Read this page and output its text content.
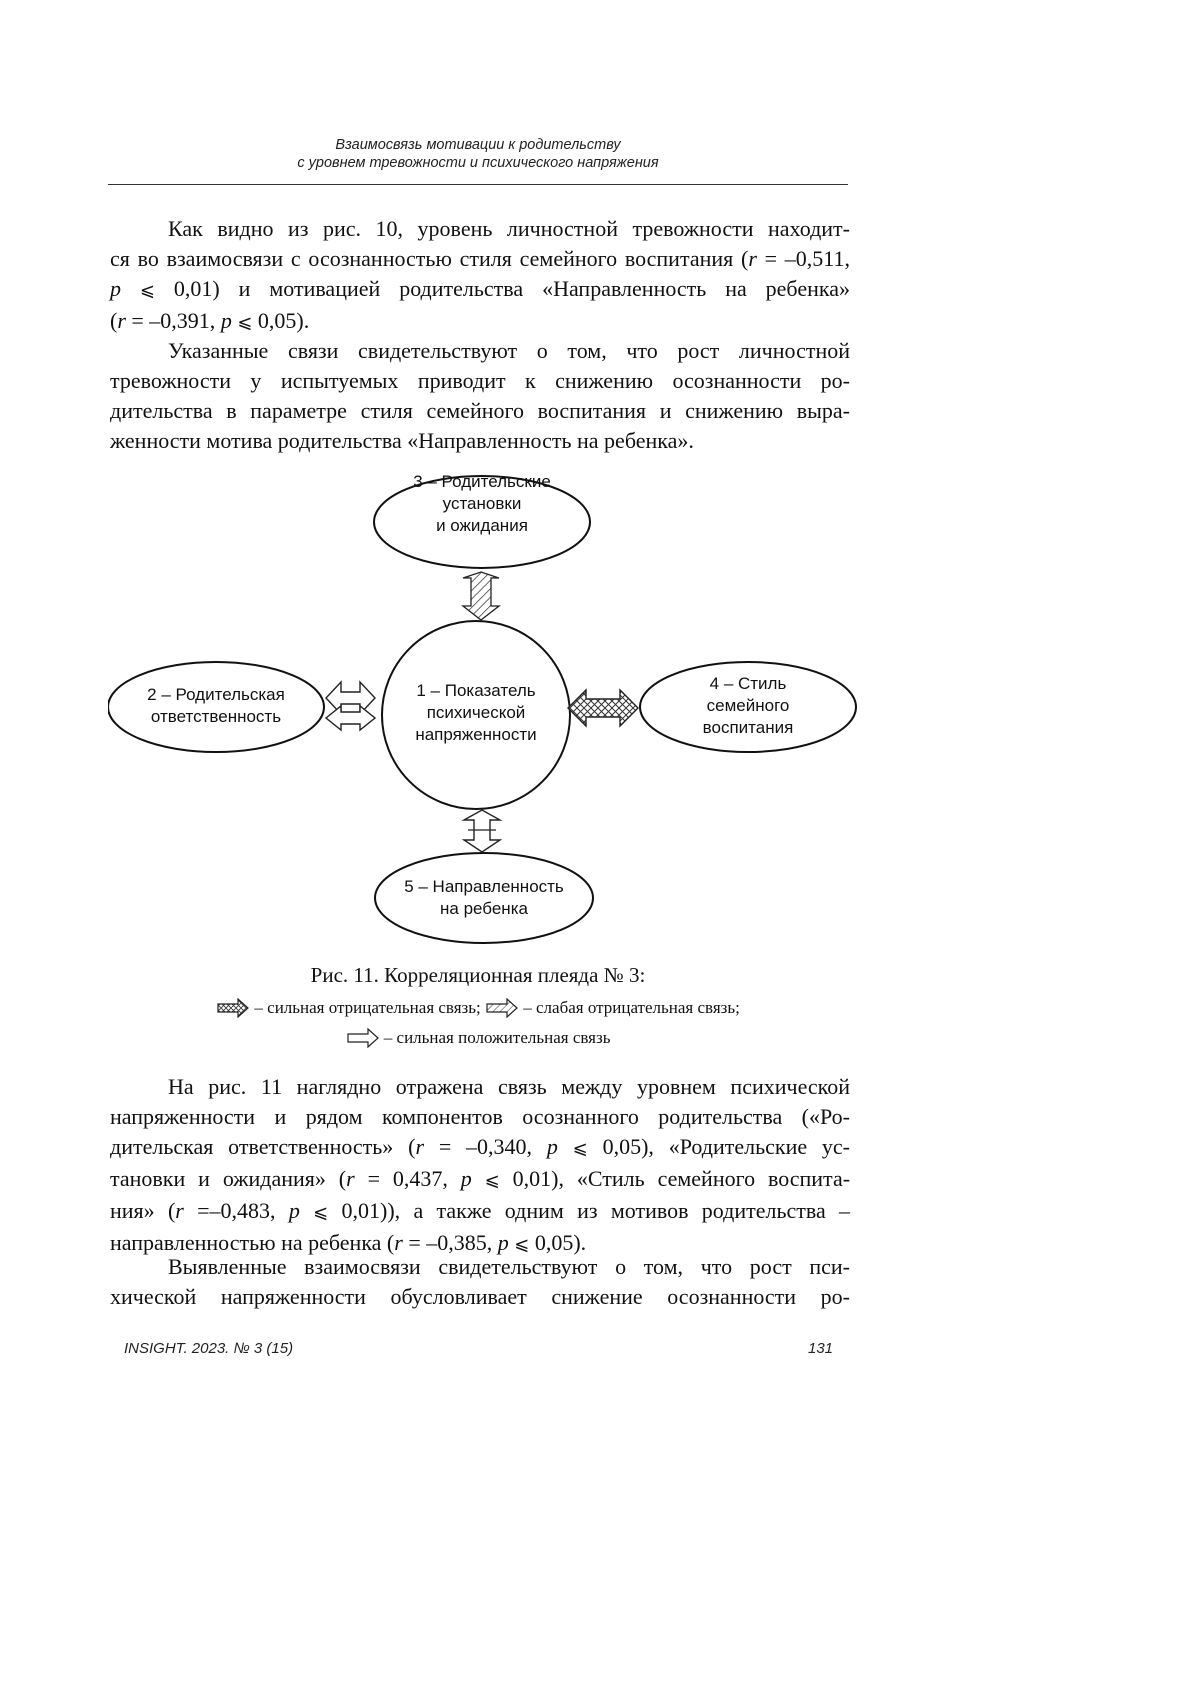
Взаимосвязь мотивации к родительству
с уровнем тревожности и психического напряжения
Как видно из рис. 10, уровень личностной тревожности находит-
ся во взаимосвязи с осознанностью стиля семейного воспитания (r = –0,511,
p ⩽ 0,01) и мотивацией родительства «Направленность на ребенка»
(r = –0,391, p ⩽ 0,05).
Указанные связи свидетельствуют о том, что рост личностной
тревожности у испытуемых приводит к снижению осознанности ро-
дительства в параметре стиля семейного воспитания и снижению выра-
женности мотива родительства «Направленность на ребенка».
3 – Родительские
установки
и ожидания
2 – Родительская
ответственность
1 – Показатель
психической
напряженности
4 – Стиль
семейного
воспитания
5 – Направленность
на ребенка
Рис. 11. Корреляционная плеяда № 3:
– сильная отрицательная связь;  – слабая отрицательная связь;
– сильная положительная связь
На рис. 11 наглядно отражена связь между уровнем психической
напряженности и рядом компонентов осознанного родительства («Ро-
дительская ответственность» (r = –0,340, p ⩽ 0,05), «Родительские ус-
тановки и ожидания» (r = 0,437, p ⩽ 0,01), «Стиль семейного воспита-
ния» (r =–0,483, p ⩽ 0,01)), а также одним из мотивов родительства –
направленностью на ребенка (r = –0,385, p ⩽ 0,05).
Выявленные взаимосвязи свидетельствуют о том, что рост пси-
хической напряженности обусловливает снижение осознанности ро-
INSIGHT. 2023. № 3 (15)	131
